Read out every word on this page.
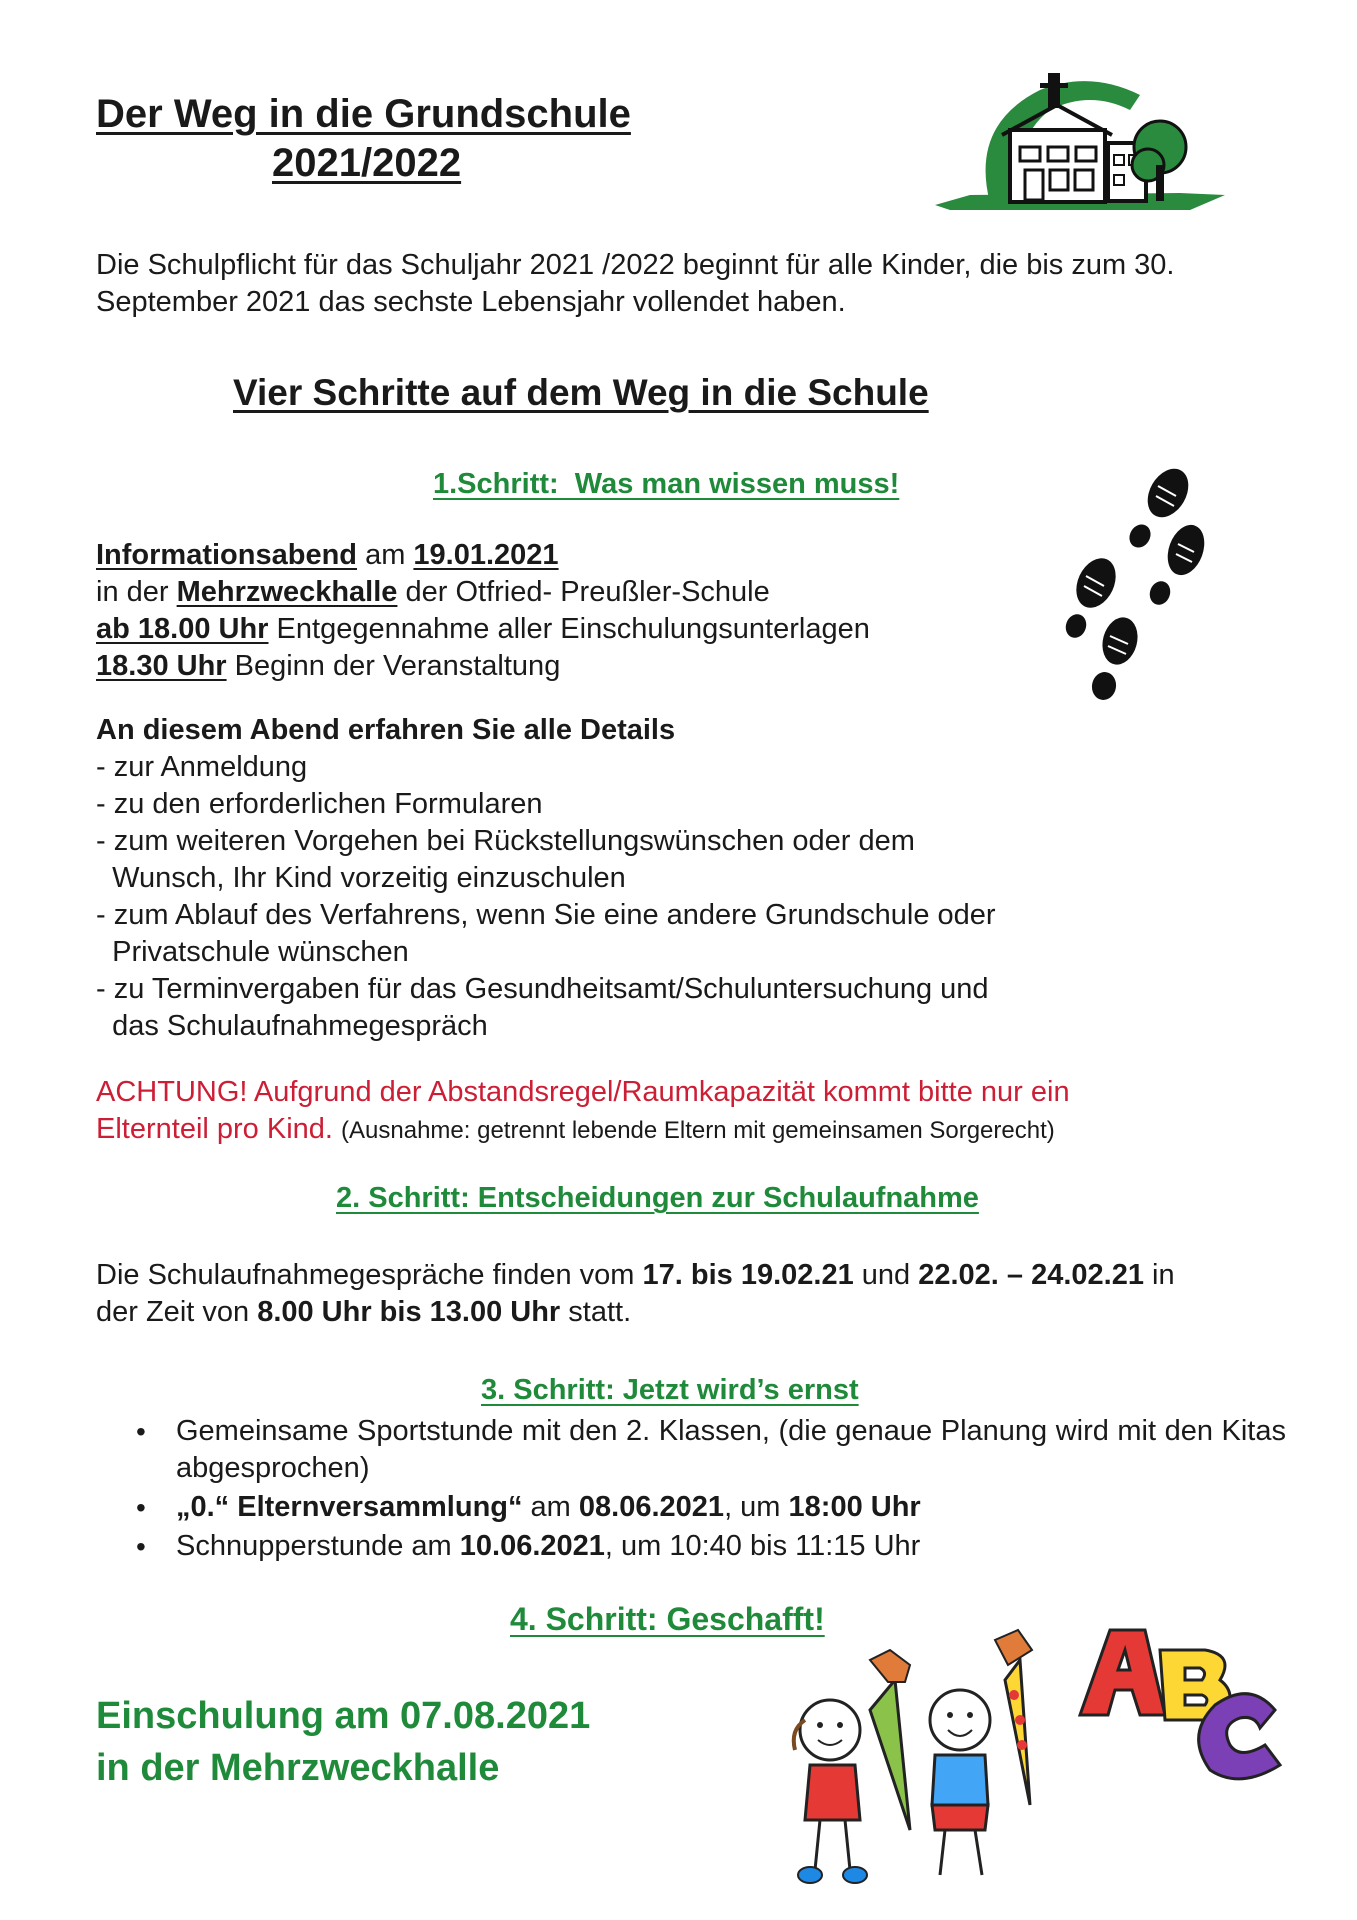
Der Weg in die Grundschule
2021/2022
Die Schulpflicht für das Schuljahr 2021 /2022 beginnt für alle Kinder, die bis zum 30. September 2021 das sechste Lebensjahr vollendet haben.
Vier Schritte auf dem Weg in die Schule
1.Schritt:  Was man wissen muss!
Informationsabend am 19.01.2021
in der Mehrzweckhalle der Otfried- Preußler-Schule
ab 18.00 Uhr Entgegennahme aller Einschulungsunterlagen
18.30 Uhr Beginn der Veranstaltung
An diesem Abend erfahren Sie alle Details
- zur Anmeldung
- zu den erforderlichen Formularen
- zum weiteren Vorgehen bei Rückstellungswünschen oder dem
Wunsch, Ihr Kind vorzeitig einzuschulen
- zum Ablauf des Verfahrens, wenn Sie eine andere Grundschule oder
Privatschule wünschen
- zu Terminvergaben für das Gesundheitsamt/Schuluntersuchung und
das Schulaufnahmegespräch
ACHTUNG! Aufgrund der Abstandsregel/Raumkapazität kommt bitte nur ein
Elternteil pro Kind. (Ausnahme: getrennt lebende Eltern mit gemeinsamen Sorgerecht)
2. Schritt: Entscheidungen zur Schulaufnahme
Die Schulaufnahmegespräche finden vom 17. bis 19.02.21 und 22.02. – 24.02.21 in
der Zeit von 8.00 Uhr bis 13.00 Uhr statt.
3. Schritt: Jetzt wird’s ernst
• Gemeinsame Sportstunde mit den 2. Klassen, (die genaue Planung wird mit den Kitas abgesprochen)
• „0.“ Elternversammlung“ am 08.06.2021, um 18:00 Uhr
• Schnupperstunde am 10.06.2021, um 10:40 bis 11:15 Uhr
4. Schritt: Geschafft!
Einschulung am 07.08.2021
in der Mehrzweckhalle
